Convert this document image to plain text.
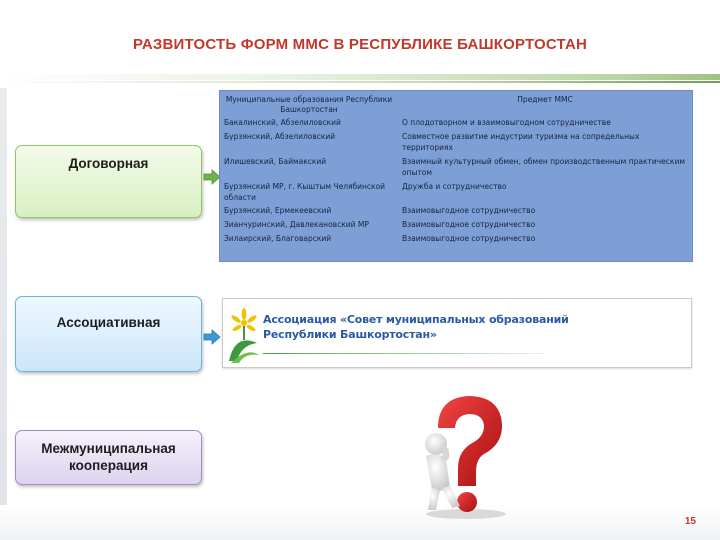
РАЗВИТОСТЬ ФОРМ ММС В РЕСПУБЛИКЕ БАШКОРТОСТАН
Договорная
Ассоциативная
Межмуниципальная кооперация
Муниципальные образования Республики Башкортостан	Предмет ММС
Бакалинский, Абзелиловский	О плодотворном и взаимовыгодном сотрудничестве
Бурзянский, Абзелиловский	Совместное развитие индустрии туризма на сопредельных территориях
Илишевский, Баймакский	Взаимный культурный обмен, обмен производственным практическим опытом
Бурзянский МР, г. Кыштым Челябинской области	Дружба и сотрудничество
Бурзянский, Ермекеевский	Взаимовыгодное сотрудничество
Зианчуринский, Давлекановский МР	Взаимовыгодное сотрудничество
Зилаирский, Благоварский	Взаимовыгодное сотрудничество
Ассоциация «Совет муниципальных образований
Республики Башкортостан»
15
